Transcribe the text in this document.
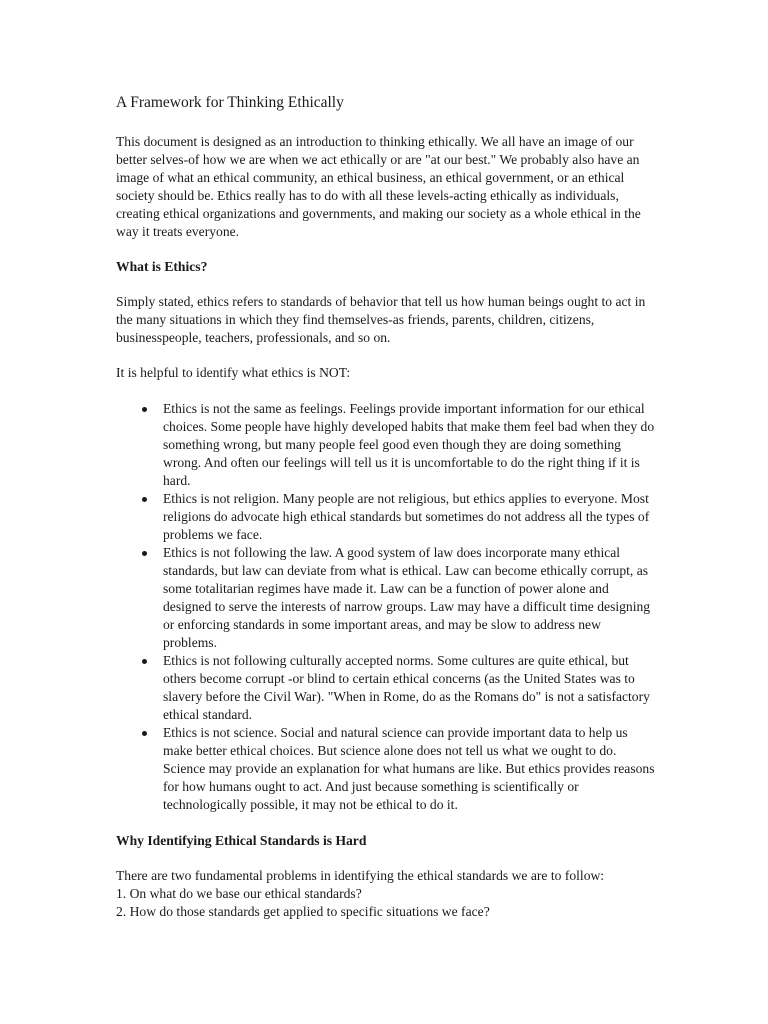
A Framework for Thinking Ethically

This document is designed as an introduction to thinking ethically. We all have an image of our better selves-of how we are when we act ethically or are "at our best." We probably also have an image of what an ethical community, an ethical business, an ethical government, or an ethical society should be. Ethics really has to do with all these levels-acting ethically as individuals, creating ethical organizations and governments, and making our society as a whole ethical in the way it treats everyone.

What is Ethics?

Simply stated, ethics refers to standards of behavior that tell us how human beings ought to act in the many situations in which they find themselves-as friends, parents, children, citizens, businesspeople, teachers, professionals, and so on.

It is helpful to identify what ethics is NOT:

Ethics is not the same as feelings. Feelings provide important information for our ethical choices. Some people have highly developed habits that make them feel bad when they do something wrong, but many people feel good even though they are doing something wrong. And often our feelings will tell us it is uncomfortable to do the right thing if it is hard.
Ethics is not religion. Many people are not religious, but ethics applies to everyone. Most religions do advocate high ethical standards but sometimes do not address all the types of problems we face.
Ethics is not following the law. A good system of law does incorporate many ethical standards, but law can deviate from what is ethical. Law can become ethically corrupt, as some totalitarian regimes have made it. Law can be a function of power alone and designed to serve the interests of narrow groups. Law may have a difficult time designing or enforcing standards in some important areas, and may be slow to address new problems.
Ethics is not following culturally accepted norms. Some cultures are quite ethical, but others become corrupt -or blind to certain ethical concerns (as the United States was to slavery before the Civil War). "When in Rome, do as the Romans do" is not a satisfactory ethical standard.
Ethics is not science. Social and natural science can provide important data to help us make better ethical choices. But science alone does not tell us what we ought to do. Science may provide an explanation for what humans are like. But ethics provides reasons for how humans ought to act. And just because something is scientifically or technologically possible, it may not be ethical to do it.
Why Identifying Ethical Standards is Hard

There are two fundamental problems in identifying the ethical standards we are to follow:

1. On what do we base our ethical standards?

2. How do those standards get applied to specific situations we face?
